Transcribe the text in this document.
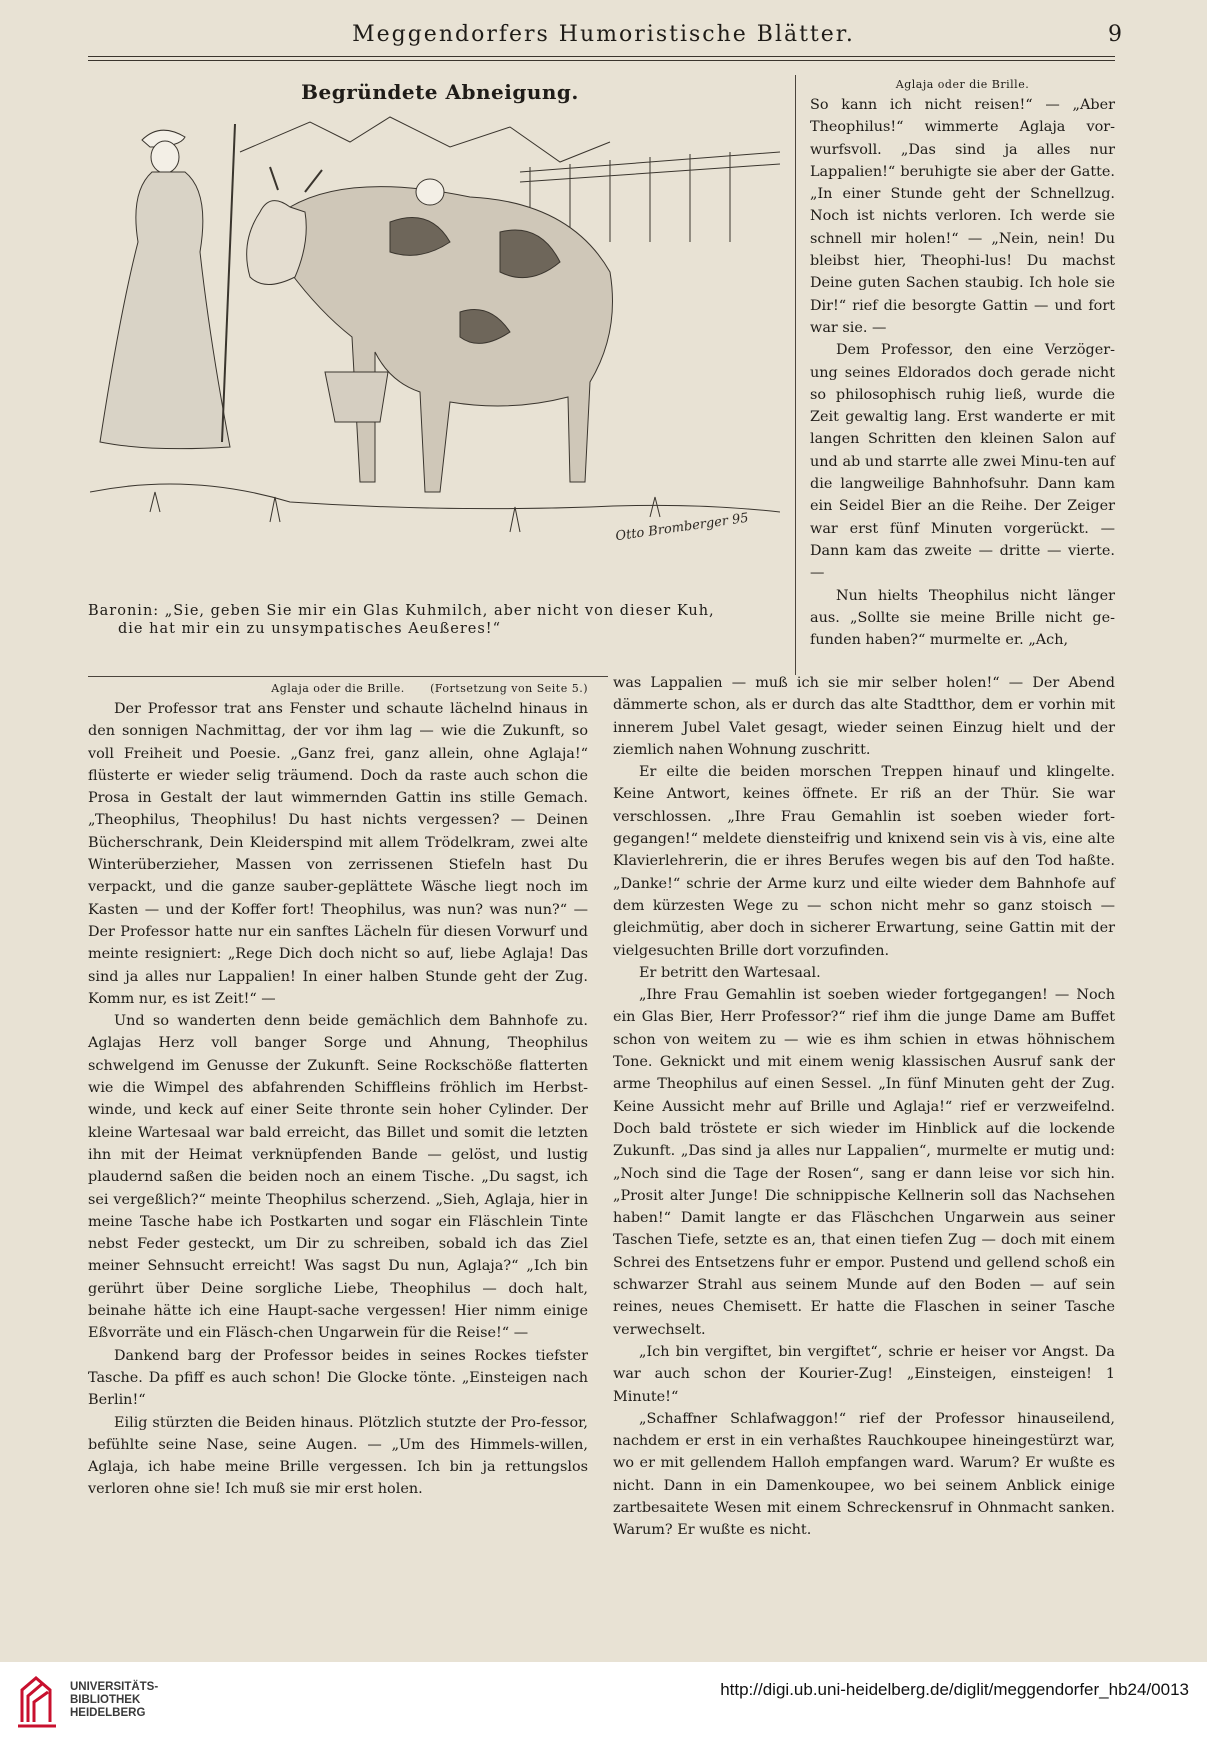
Meggendorfers Humoristische Blätter.	9
Begründete Abneigung.
Otto Bromberger 95
Baronin: „Sie, geben Sie mir ein Glas Kuhmilch, aber nicht von dieser Kuh,
die hat mir ein zu unsympatisches Aeußeres!“
Aglaja oder die Brille.

So kann ich nicht reisen!“ — „Aber Theophilus!“ wimmerte Aglaja vor-wurfsvoll. „Das sind ja alles nur Lappalien!“ beruhigte sie aber der Gatte. „In einer Stunde geht der Schnellzug. Noch ist nichts verloren. Ich werde sie schnell mir holen!“ — „Nein, nein! Du bleibst hier, Theophi-lus! Du machst Deine guten Sachen staubig. Ich hole sie Dir!“ rief die besorgte Gattin — und fort war sie. —

Dem Professor, den eine Verzöger-ung seines Eldorados doch gerade nicht so philosophisch ruhig ließ, wurde die Zeit gewaltig lang. Erst wanderte er mit langen Schritten den kleinen Salon auf und ab und starrte alle zwei Minu-ten auf die langweilige Bahnhofsuhr. Dann kam ein Seidel Bier an die Reihe. Der Zeiger war erst fünf Minuten vorgerückt. — Dann kam das zweite — dritte — vierte. —

Nun hielts Theophilus nicht länger aus. „Sollte sie meine Brille nicht ge-funden haben?“ murmelte er. „Ach,

Aglaja oder die Brille. (Fortsetzung von Seite 5.)

Der Professor trat ans Fenster und schaute lächelnd hinaus in den sonnigen Nachmittag, der vor ihm lag — wie die Zukunft, so voll Freiheit und Poesie. „Ganz frei, ganz allein, ohne Aglaja!“ flüsterte er wieder selig träumend. Doch da raste auch schon die Prosa in Gestalt der laut wimmernden Gattin ins stille Gemach. „Theophilus, Theophilus! Du hast nichts vergessen? — Deinen Bücherschrank, Dein Kleiderspind mit allem Trödelkram, zwei alte Winterüberzieher, Massen von zerrissenen Stiefeln hast Du verpackt, und die ganze sauber-geplättete Wäsche liegt noch im Kasten — und der Koffer fort! Theophilus, was nun? was nun?“ — Der Professor hatte nur ein sanftes Lächeln für diesen Vorwurf und meinte resigniert: „Rege Dich doch nicht so auf, liebe Aglaja! Das sind ja alles nur Lappalien! In einer halben Stunde geht der Zug. Komm nur, es ist Zeit!“ —

Und so wanderten denn beide gemächlich dem Bahnhofe zu. Aglajas Herz voll banger Sorge und Ahnung, Theophilus schwelgend im Genusse der Zukunft. Seine Rockschöße flatterten wie die Wimpel des abfahrenden Schiffleins fröhlich im Herbst-winde, und keck auf einer Seite thronte sein hoher Cylinder. Der kleine Wartesaal war bald erreicht, das Billet und somit die letzten ihn mit der Heimat verknüpfenden Bande — gelöst, und lustig plaudernd saßen die beiden noch an einem Tische. „Du sagst, ich sei vergeßlich?“ meinte Theophilus scherzend. „Sieh, Aglaja, hier in meine Tasche habe ich Postkarten und sogar ein Fläschlein Tinte nebst Feder gesteckt, um Dir zu schreiben, sobald ich das Ziel meiner Sehnsucht erreicht! Was sagst Du nun, Aglaja?“ „Ich bin gerührt über Deine sorgliche Liebe, Theophilus — doch halt, beinahe hätte ich eine Haupt-sache vergessen! Hier nimm einige Eßvorräte und ein Fläsch-chen Ungarwein für die Reise!“ —

Dankend barg der Professor beides in seines Rockes tiefster Tasche. Da pfiff es auch schon! Die Glocke tönte. „Einsteigen nach Berlin!“

Eilig stürzten die Beiden hinaus. Plötzlich stutzte der Pro-fessor, befühlte seine Nase, seine Augen. — „Um des Himmels-willen, Aglaja, ich habe meine Brille vergessen. Ich bin ja rettungslos verloren ohne sie! Ich muß sie mir erst holen.

was Lappalien — muß ich sie mir selber holen!“ — Der Abend dämmerte schon, als er durch das alte Stadtthor, dem er vorhin mit innerem Jubel Valet gesagt, wieder seinen Einzug hielt und der ziemlich nahen Wohnung zuschritt.

Er eilte die beiden morschen Treppen hinauf und klingelte. Keine Antwort, keines öffnete. Er riß an der Thür. Sie war verschlossen. „Ihre Frau Gemahlin ist soeben wieder fort-gegangen!“ meldete diensteifrig und knixend sein vis à vis, eine alte Klavierlehrerin, die er ihres Berufes wegen bis auf den Tod haßte. „Danke!“ schrie der Arme kurz und eilte wieder dem Bahnhofe auf dem kürzesten Wege zu — schon nicht mehr so ganz stoisch — gleichmütig, aber doch in sicherer Erwartung, seine Gattin mit der vielgesuchten Brille dort vorzufinden.

Er betritt den Wartesaal.

„Ihre Frau Gemahlin ist soeben wieder fortgegangen! — Noch ein Glas Bier, Herr Professor?“ rief ihm die junge Dame am Buffet schon von weitem zu — wie es ihm schien in etwas höhnischem Tone. Geknickt und mit einem wenig klassischen Ausruf sank der arme Theophilus auf einen Sessel. „In fünf Minuten geht der Zug. Keine Aussicht mehr auf Brille und Aglaja!“ rief er verzweifelnd. Doch bald tröstete er sich wieder im Hinblick auf die lockende Zukunft. „Das sind ja alles nur Lappalien“, murmelte er mutig und: „Noch sind die Tage der Rosen“, sang er dann leise vor sich hin. „Prosit alter Junge! Die schnippische Kellnerin soll das Nachsehen haben!“ Damit langte er das Fläschchen Ungarwein aus seiner Taschen Tiefe, setzte es an, that einen tiefen Zug — doch mit einem Schrei des Entsetzens fuhr er empor. Pustend und gellend schoß ein schwarzer Strahl aus seinem Munde auf den Boden — auf sein reines, neues Chemisett. Er hatte die Flaschen in seiner Tasche verwechselt.

„Ich bin vergiftet, bin vergiftet“, schrie er heiser vor Angst. Da war auch schon der Kourier-Zug! „Einsteigen, einsteigen! 1 Minute!“

„Schaffner Schlafwaggon!“ rief der Professor hinauseilend, nachdem er erst in ein verhaßtes Rauchkoupee hineingestürzt war, wo er mit gellendem Halloh empfangen ward. Warum? Er wußte es nicht. Dann in ein Damenkoupee, wo bei seinem Anblick einige zartbesaitete Wesen mit einem Schreckensruf in Ohnmacht sanken. Warum? Er wußte es nicht.

UNIVERSITÄTS-
BIBLIOTHEK
HEIDELBERG
http://digi.ub.uni-heidelberg.de/diglit/meggendorfer_hb24/0013
